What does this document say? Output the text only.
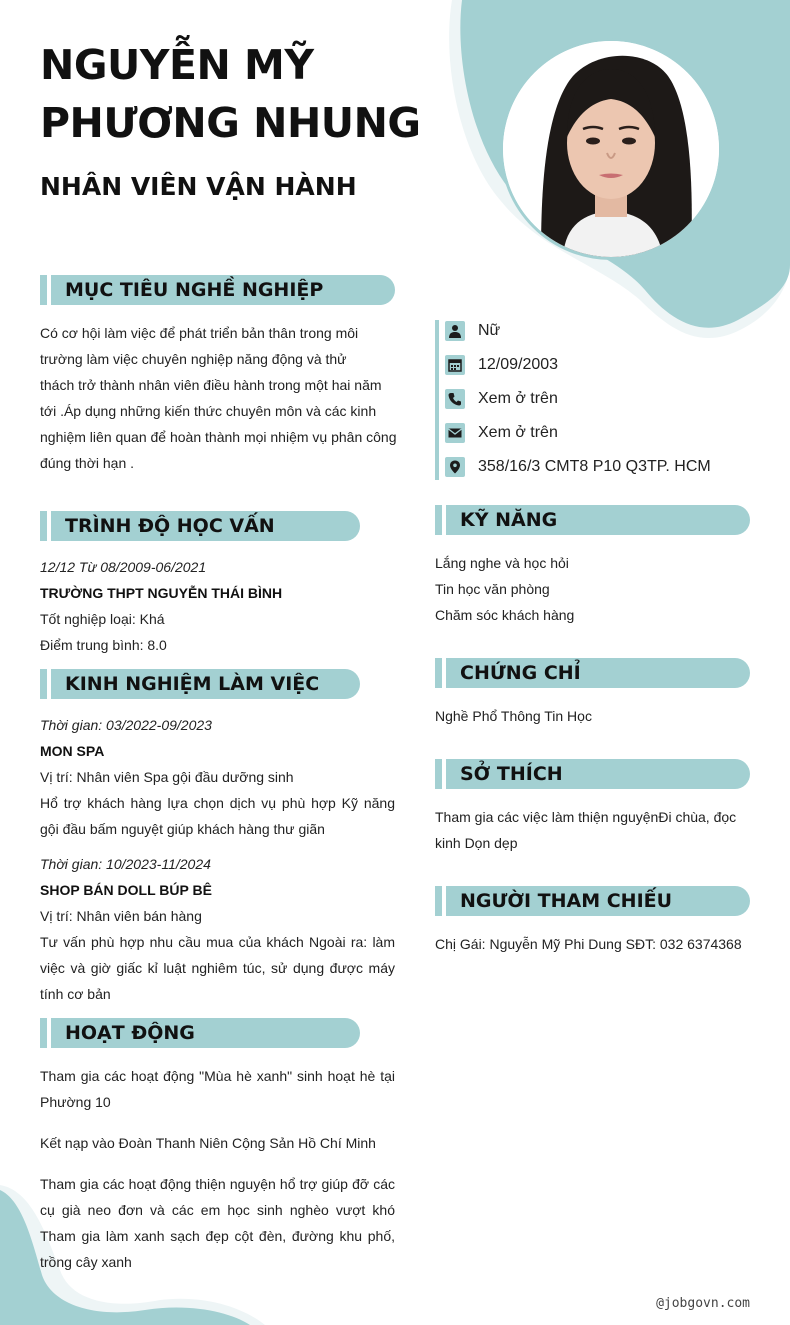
NGUYỄN MỸ
PHƯƠNG NHUNG
NHÂN VIÊN VẬN HÀNH
MỤC TIÊU NGHỀ NGHIỆP
Có cơ hội làm việc để phát triển bản thân trong môi
trường làm việc chuyên nghiệp năng động và thử
thách trở thành nhân viên điều hành trong một hai năm
tới .Áp dụng những kiến thức chuyên môn và các kinh
nghiệm liên quan để hoàn thành mọi nhiệm vụ phân công
đúng thời hạn .
TRÌNH ĐỘ HỌC VẤN
12/12 Từ 08/2009-06/2021
TRƯỜNG THPT NGUYỄN THÁI BÌNH
Tốt nghiệp loại: Khá
Điểm trung bình: 8.0
KINH NGHIỆM LÀM VIỆC
Thời gian: 03/2022-09/2023
MON SPA
Vị trí: Nhân viên Spa gội đầu dưỡng sinh
Hổ trợ khách hàng lựa chọn dịch vụ phù hợp Kỹ năng gội đầu bấm nguyệt giúp khách hàng thư giãn
Thời gian: 10/2023-11/2024
SHOP BÁN DOLL BÚP BÊ
Vị trí: Nhân viên bán hàng
Tư vấn phù hợp nhu cầu mua của khách Ngoài ra: làm việc và giờ giấc kỉ luật nghiêm túc, sử dụng được máy tính cơ bản
HOẠT ĐỘNG
Tham gia các hoạt động "Mùa hè xanh" sinh hoạt hè tại Phường 10
Kết nạp vào Đoàn Thanh Niên Cộng Sản Hồ Chí Minh
Tham gia các hoạt động thiện nguyện hổ trợ giúp đỡ các cụ già neo đơn và các em học sinh nghèo vượt khó Tham gia làm xanh sạch đẹp cột đèn, đường khu phố, trồng cây xanh
Nữ
12/09/2003
Xem ở trên
Xem ở trên
358/16/3 CMT8 P10 Q3TP. HCM
KỸ NĂNG
Lắng nghe và học hỏi
Tin học văn phòng
Chăm sóc khách hàng
CHỨNG CHỈ
Nghề Phổ Thông Tin Học
SỞ THÍCH
Tham gia các việc làm thiện nguyệnĐi chùa, đọc
kinh Dọn dẹp
NGƯỜI THAM CHIẾU
Chị Gái: Nguyễn Mỹ Phi Dung SĐT: 032 6374368
@jobgovn.com
